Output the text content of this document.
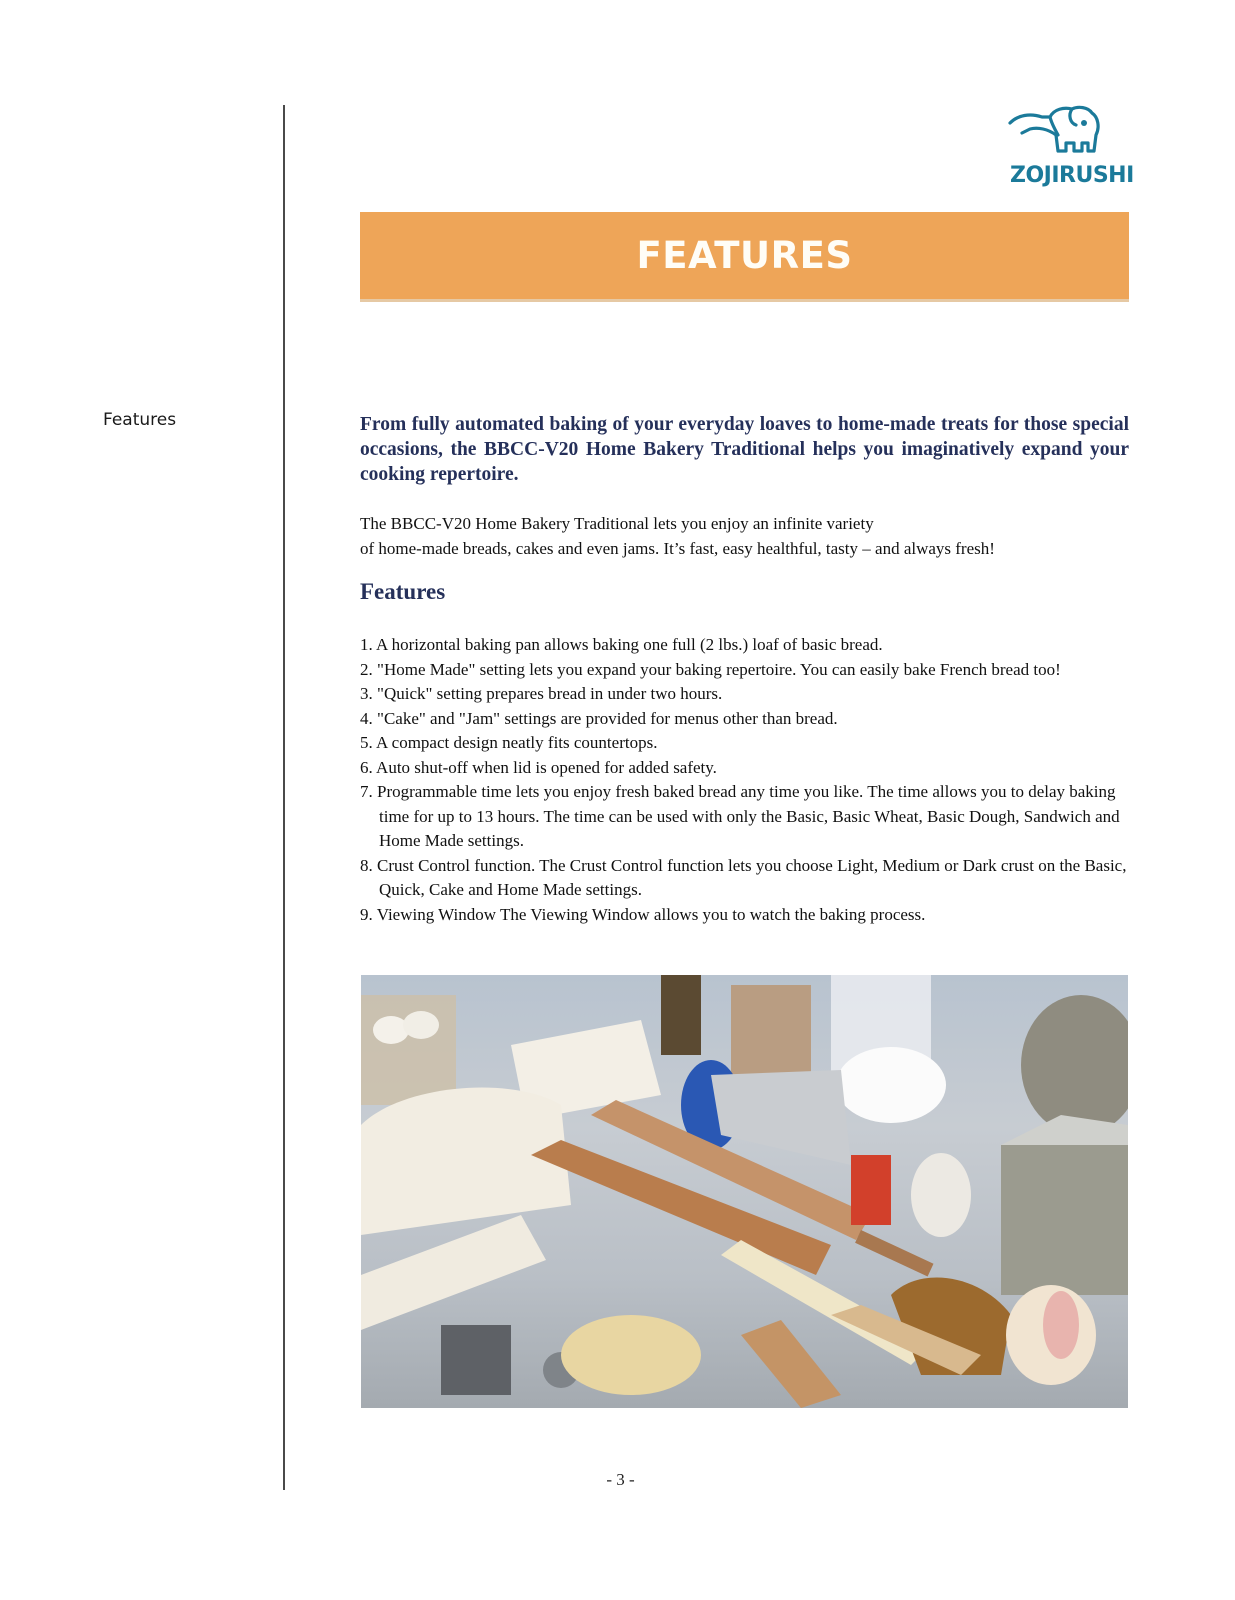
Features
ZOJIRUSHI
FEATURES
From fully automated baking of your everyday loaves to home-made treats for those special occasions, the BBCC-V20 Home Bakery Traditional helps you imaginatively expand your cooking repertoire.
The BBCC-V20 Home Bakery Traditional lets you enjoy an infinite variety
of home-made breads, cakes and even jams. It’s fast, easy healthful, tasty – and always fresh!
Features
1. A horizontal baking pan allows baking one full (2 lbs.) loaf of basic bread.
2. "Home Made" setting lets you expand your baking repertoire. You can easily bake French bread too!
3. "Quick" setting prepares bread in under two hours.
4. "Cake" and "Jam" settings are provided for menus other than bread.
5. A compact design neatly fits countertops.
6. Auto shut-off when lid is opened for added safety.
7. Programmable time lets you enjoy fresh baked bread any time you like. The time allows you to delay baking time for up to 13 hours. The time can be used with only the Basic, Basic Wheat, Basic Dough, Sandwich and Home Made settings.
8. Crust Control function. The Crust Control function lets you choose Light, Medium or Dark crust on the Basic, Quick, Cake and Home Made settings.
9. Viewing Window The Viewing Window allows you to watch the baking process.
- 3 -
